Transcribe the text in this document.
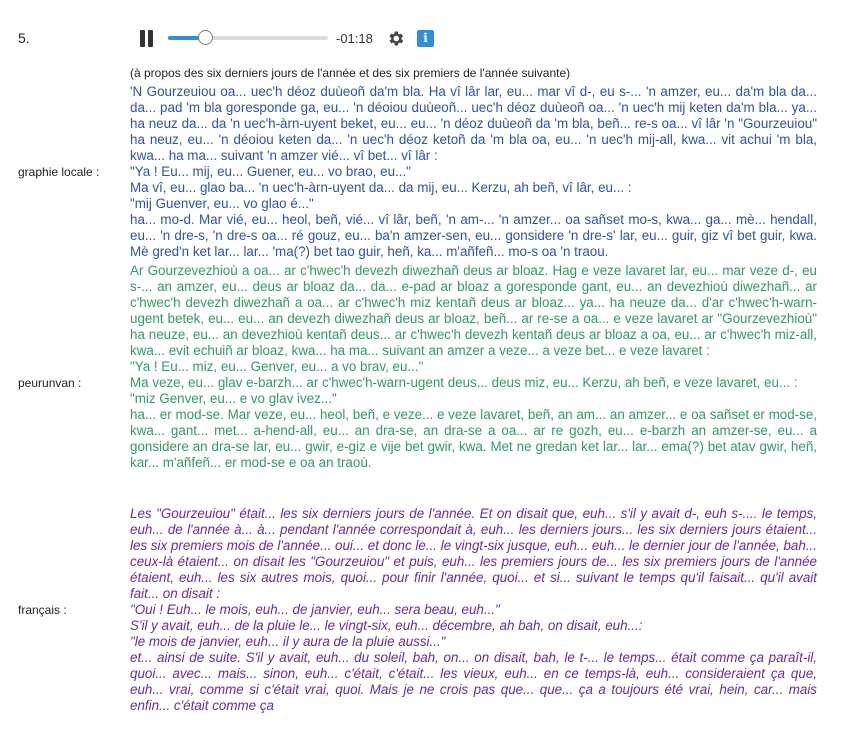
5.	-01:18	i
(à propos des six derniers jours de l'année et des six premiers de l'année suivante)
graphie locale :

'N Gourzeuiou oa... uec'h déoz duùeoñ da'm bla. Ha vî lâr lar, eu... mar vî d-, eu s-... 'n amzer, eu... da'm bla da... da... pad 'm bla goresponde ga, eu... 'n déoiou duùeoñ... uec'h déoz duùeoñ oa... 'n uec'h mij keten da'm bla... ya... ha neuz da... da 'n uec'h-àrn-uyent beket, eu... eu... 'n déoz duùeoñ da 'm bla, beñ... re-s oa... vî lâr 'n "Gourzeuiou" ha neuz, eu... 'n déoiou keten da... 'n uec'h déoz ketoñ da 'm bla oa, eu... 'n uec'h mij-all, kwa... vit achui 'm bla, kwa... ha ma... suivant 'n amzer vié... vî bet... vî lâr :

"Ya ! Eu... mij, eu... Guener, eu... vo brao, eu..."

Ma vî, eu... glao ba... 'n uec'h-àrn-uyent da... da mij, eu... Kerzu, ah beñ, vî lâr, eu... :

"mij Guenver, eu... vo glao é..."

ha... mo-d. Mar vié, eu... heol, beñ, vié... vî lâr, beñ, 'n am-... 'n amzer... oa sañset mo-s, kwa... ga... mè... hendall, eu... 'n dre-s, 'n dre-s oa... ré gouz, eu... ba'n amzer-sen, eu... gonsidere 'n dre-s' lar, eu... guir, giz vî bet guir, kwa. Mè gred'n ket lar... lar... 'ma(?) bet tao guir, heñ, ka... m'añfeñ... mo-s oa 'n traou.

peurunvan :

Ar Gourzevezhioù a oa... ar c'hwec'h devezh diwezhañ deus ar bloaz. Hag e veze lavaret lar, eu... mar veze d-, eu s-... an amzer, eu... deus ar bloaz da... da... e-pad ar bloaz a goresponde gant, eu... an devezhioù diwezhañ... ar c'hwec'h devezh diwezhañ a oa... ar c'hwec'h miz kentañ deus ar bloaz... ya... ha neuze da... d'ar c'hwec'h-warn-ugent betek, eu... eu... an devezh diwezhañ deus ar bloaz, beñ... ar re-se a oa... e veze lavaret ar "Gourzevezhioù" ha neuze, eu... an devezhioù kentañ deus... ar c'hwec'h devezh kentañ deus ar bloaz a oa, eu... ar c'hwec'h miz-all, kwa... evit echuiñ ar bloaz, kwa... ha ma... suivant an amzer a veze... a veze bet... e veze lavaret :

"Ya ! Eu... miz, eu... Genver, eu... a vo brav, eu..."

Ma veze, eu... glav e-barzh... ar c'hwec'h-warn-ugent deus... deus miz, eu... Kerzu, ah beñ, e veze lavaret, eu... :

"miz Genver, eu... e vo glav ivez..."

ha... er mod-se. Mar veze, eu... heol, beñ, e veze... e veze lavaret, beñ, an am... an amzer... e oa sañset er mod-se, kwa... gant... met... a-hend-all, eu... an dra-se, an dra-se a oa... ar re gozh, eu... e-barzh an amzer-se, eu... a gonsidere an dra-se lar, eu... gwir, e-giz e vije bet gwir, kwa. Met ne gredan ket lar... lar... ema(?) bet atav gwir, heñ, kar... m'añfeñ... er mod-se e oa an traoù.

français :

Les "Gourzeuiou" était... les six derniers jours de l'année. Et on disait que, euh... s'il y avait d-, euh s-.... le temps, euh... de l'année à... à... pendant l'année correspondait à, euh... les derniers jours... les six derniers jours étaient... les six premiers mois de l'année... oui... et donc le... le vingt-six jusque, euh... euh... le dernier jour de l'année, bah... ceux-là étaient... on disait les "Gourzeuiou" et puis, euh... les premiers jours de... les six premiers jours de l'année étaient, euh... les six autres mois, quoi... pour finir l'année, quoi... et si... suivant le temps qu'il faisait... qu'il avait fait... on disait :

"Oui ! Euh... le mois, euh... de janvier, euh... sera beau, euh..."

S'il y avait, euh... de la pluie le... le vingt-six, euh... décembre, ah bah, on disait, euh...:

"le mois de janvier, euh... il y aura de la pluie aussi..."

et... ainsi de suite. S'il y avait, euh... du soleil, bah, on... on disait, bah, le t-... le temps... était comme ça paraît-il, quoi... avec... mais... sinon, euh... c'était, c'était... les vieux, euh... en ce temps-là, euh... consideraient ça que, euh... vrai, comme si c'était vrai, quoi. Mais je ne crois pas que... que... ça a toujours été vrai, hein, car... mais enfin... c'était comme ça
